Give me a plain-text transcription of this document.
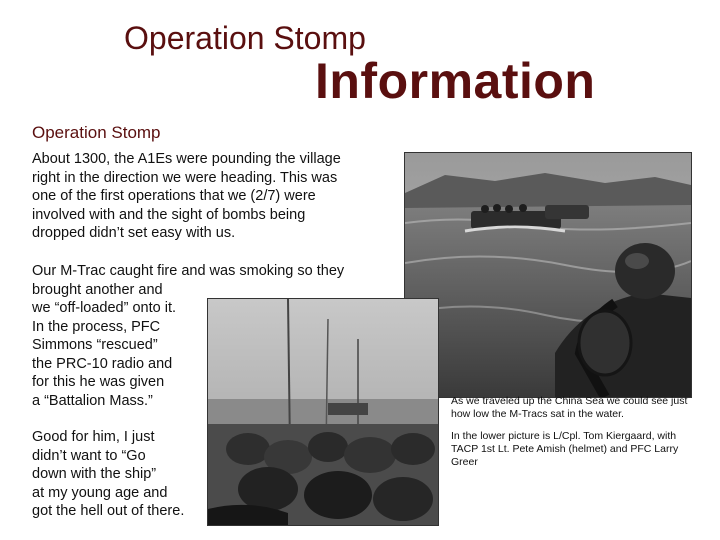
Operation Stomp
Information
Operation Stomp
About 1300, the A1Es were pounding the village
right in the direction we were heading. This was
one of the first operations that we (2/7) were
involved with and the sight of bombs being
dropped didn’t set easy with us.
Our M-Trac caught fire and was smoking so they
brought another and
we “off-loaded” onto it.
In the process, PFC
Simmons “rescued”
the PRC-10 radio and
for this he was given
a “Battalion Mass.”
Good for him, I just
didn’t want to “Go
down with the ship”
at my young age and
got the hell out of there.
As we traveled up the China Sea we could see just how low the M-Tracs sat in the water.
In the lower picture is L/Cpl. Tom Kiergaard, with TACP 1st Lt. Pete Amish (helmet) and PFC Larry Greer
